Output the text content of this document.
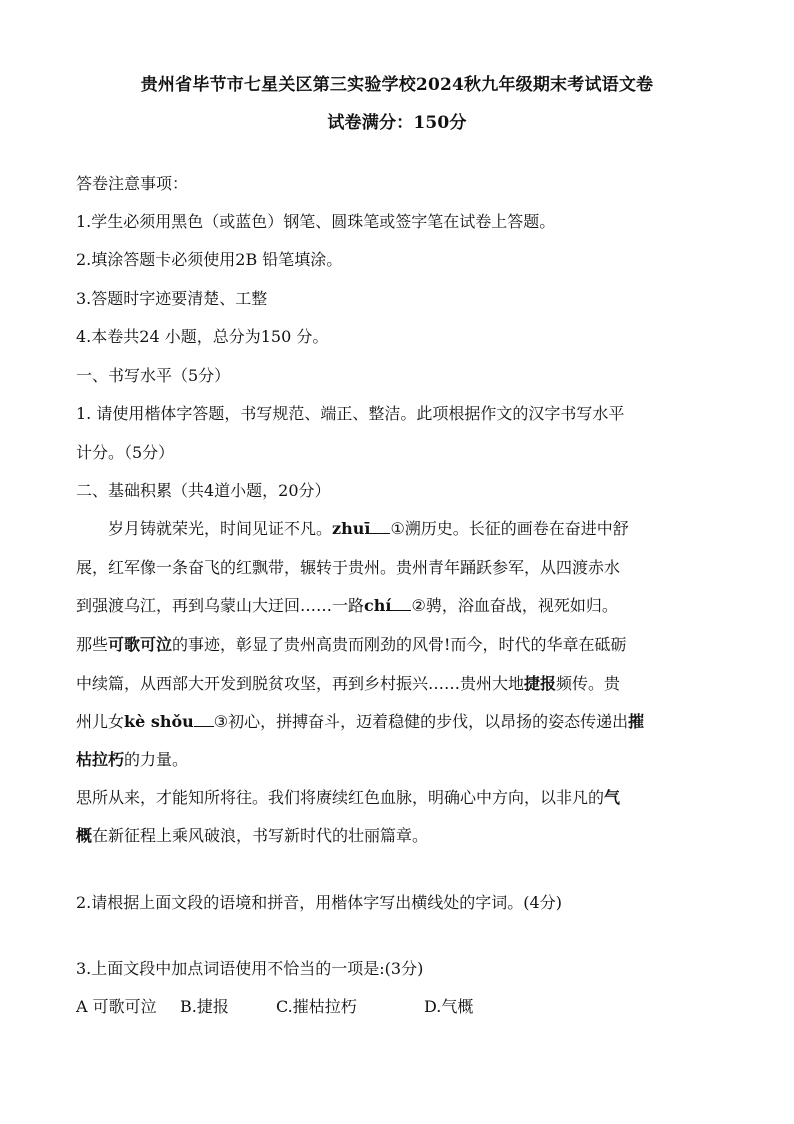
贵州省毕节市七星关区第三实验学校2024秋九年级期末考试语文卷
试卷满分：150分
答卷注意事项：
1.学生必须用黑色（或蓝色）钢笔、圆珠笔或签字笔在试卷上答题。
2.填涂答题卡必须使用2B 铅笔填涂。
3.答题时字迹要清楚、工整
4.本卷共24 小题，总分为150 分。
一、书写水平（5分）
1. 请使用楷体字答题，书写规范、端正、整洁。此项根据作文的汉字书写水平
计分。（5分）
二、基础积累（共4道小题，20分）
岁月铸就荣光，时间见证不凡。zhuī ①溯历史。长征的画卷在奋进中舒
展，红军像一条奋飞的红飘带，辗转于贵州。贵州青年踊跃参军，从四渡赤水
到强渡乌江，再到乌蒙山大迂回……一路chí ②骋，浴血奋战，视死如归。
那些可歌可泣的事迹，彰显了贵州高贵而刚劲的风骨!而今，时代的华章在砥砺
中续篇，从西部大开发到脱贫攻坚，再到乡村振兴……贵州大地捷报频传。贵
州儿女kè shǒu ③初心，拼搏奋斗，迈着稳健的步伐，以昂扬的姿态传递出摧
枯拉朽的力量。
思所从来，才能知所将往。我们将赓续红色血脉，明确心中方向，以非凡的气
概在新征程上乘风破浪，书写新时代的壮丽篇章。
2.请根据上面文段的语境和拼音，用楷体字写出横线处的字词。(4分)
3.上面文段中加点词语使用不恰当的一项是:(3分)
A 可歌可泣 B.捷报	C.摧枯拉朽	D.气概
